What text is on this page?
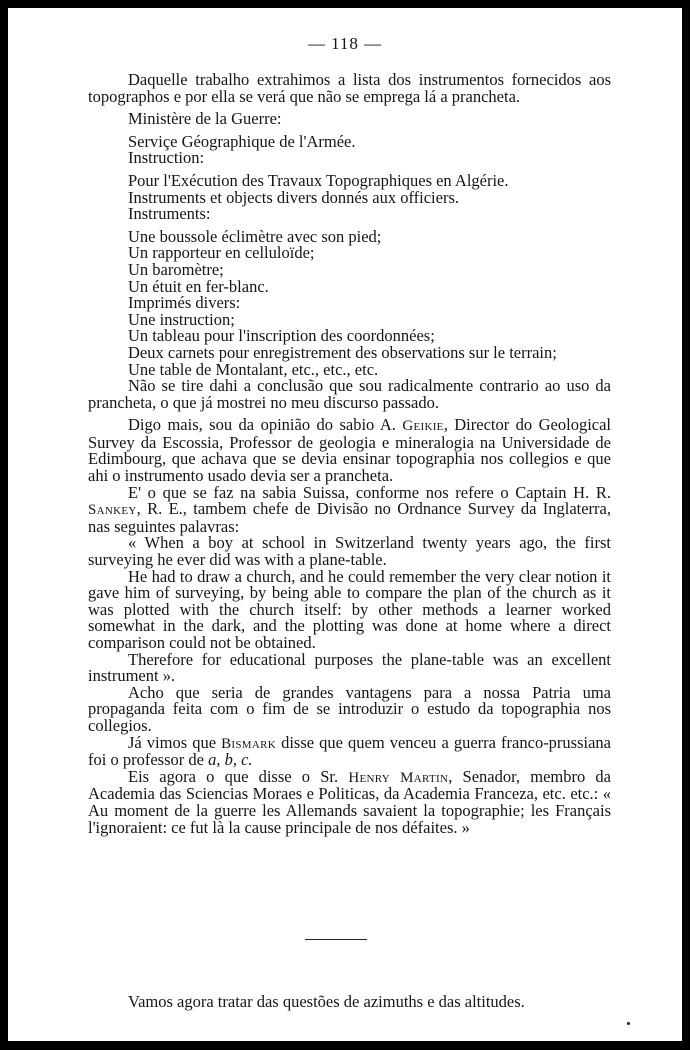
— 118 —

Daquelle trabalho extrahimos a lista dos instrumentos fornecidos aos topographos e por ella se verá que não se emprega lá a prancheta.

Ministère de la Guerre:

Serviçe Géographique de l'Armée.

Instruction:

Pour l'Exécution des Travaux Topographiques en Algérie.

Instruments et objects divers donnés aux officiers.

Instruments:

Une boussole éclimètre avec son pied;

Un rapporteur en celluloïde;

Un baromètre;

Un étuit en fer-blanc.

Imprimés divers:

Une instruction;

Un tableau pour l'inscription des coordonnées;

Deux carnets pour enregistrement des observations sur le terrain;

Une table de Montalant, etc., etc., etc.

Não se tire dahi a conclusão que sou radicalmente contrario ao uso da prancheta, o que já mostrei no meu discurso passado.

Digo mais, sou da opinião do sabio A. Geikie, Director do Geological Survey da Escossia, Professor de geologia e mineralogia na Universidade de Edimbourg, que achava que se devia ensinar topographia nos collegios e que ahi o instrumento usado devia ser a prancheta.

E' o que se faz na sabia Suissa, conforme nos refere o Captain H. R. Sankey, R. E., tambem chefe de Divisão no Ordnance Survey da Inglaterra, nas seguintes palavras:

« When a boy at school in Switzerland twenty years ago, the first surveying he ever did was with a plane-table.

He had to draw a church, and he could remember the very clear notion it gave him of surveying, by being able to compare the plan of the church as it was plotted with the church itself: by other methods a learner worked somewhat in the dark, and the plotting was done at home where a direct comparison could not be obtained.

Therefore for educational purposes the plane-table was an excellent instrument ».

Acho que seria de grandes vantagens para a nossa Patria uma propaganda feita com o fim de se introduzir o estudo da topographia nos collegios.

Já vimos que Bismark disse que quem venceu a guerra franco-prussiana foi o professor de a, b, c.

Eis agora o que disse o Sr. Henry Martin, Senador, membro da Academia das Sciencias Moraes e Politicas, da Academia Franceza, etc. etc.: « Au moment de la guerre les Allemands savaient la topographie; les Français l'ignoraient: ce fut là la cause principale de nos défaites. »

Vamos agora tratar das questões de azimuths e das altitudes.
